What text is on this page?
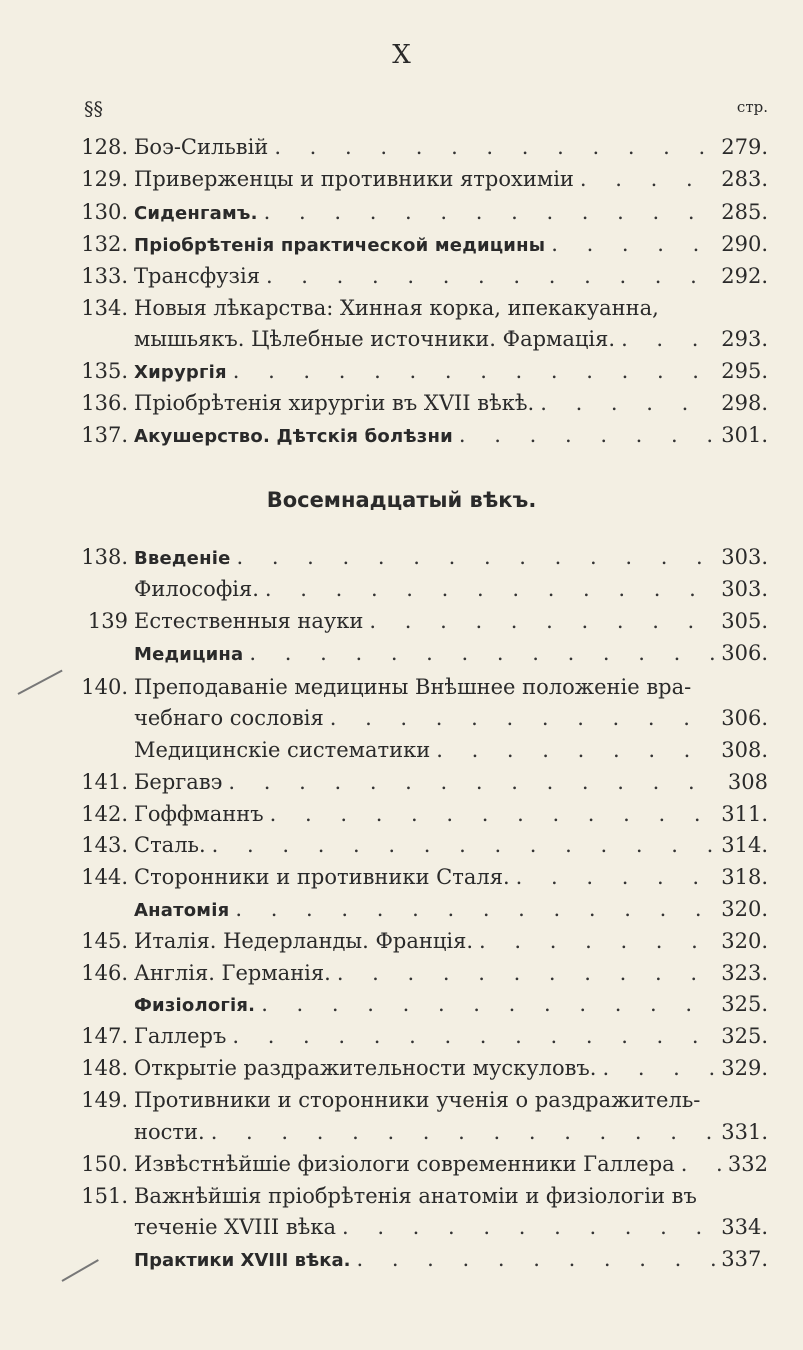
X
§§	стр.
128. Боэ-Сильвій . . .	279.
129. Приверженцы и противники ятрохиміи . . .	283.
130. Сиденгамъ. . . .	285.
132. Пріобрѣтенія практической медицины . . .	290.
133. Трансфузія . . .	292.
134. Новыя лѣкарства: Хинная корка, ипекакуанна,
мышьякъ. Цѣлебные источники. Фармація. . . .	293.
135. Хирургія . . .	295.
136. Пріобрѣтенія хирургіи въ XVII вѣкѣ. . . .	298.
137. Акушерство. Дѣтскія болѣзни . . .	301.
Восемнадцатый вѣкъ.
138. Введеніе . . .	303.
Философія. . . .	303.
139 Естественныя науки . . .	305.
Медицина . . .	306.
140. Преподаваніе медицины Внѣшнее положеніе вра-
чебнаго сословія . . .	306.
Медицинскіе систематики . . .	308.
141. Бергавэ . . .	308
142. Гоффманнъ . . .	311.
143. Сталь. . . .	314.
144. Сторонники и противники Сталя. . . .	318.
Анатомія . . .	320.
145. Италія. Недерланды. Франція. . . .	320.
146. Англія. Германія. . . .	323.
Физіологія. . . .	325.
147. Галлеръ . . .	325.
148. Открытіе раздражительности мускуловъ. . . .	329.
149. Противники и сторонники ученія о раздражитель-
ности. . . .	331.
150. Извѣстнѣйшіе физіологи современники Галлера . . .	332
151. Важнѣйшія пріобрѣтенія анатоміи и физіологіи въ
теченіе XVIII вѣка . . .	334.
Практики XVIII вѣка. . . .	337.
